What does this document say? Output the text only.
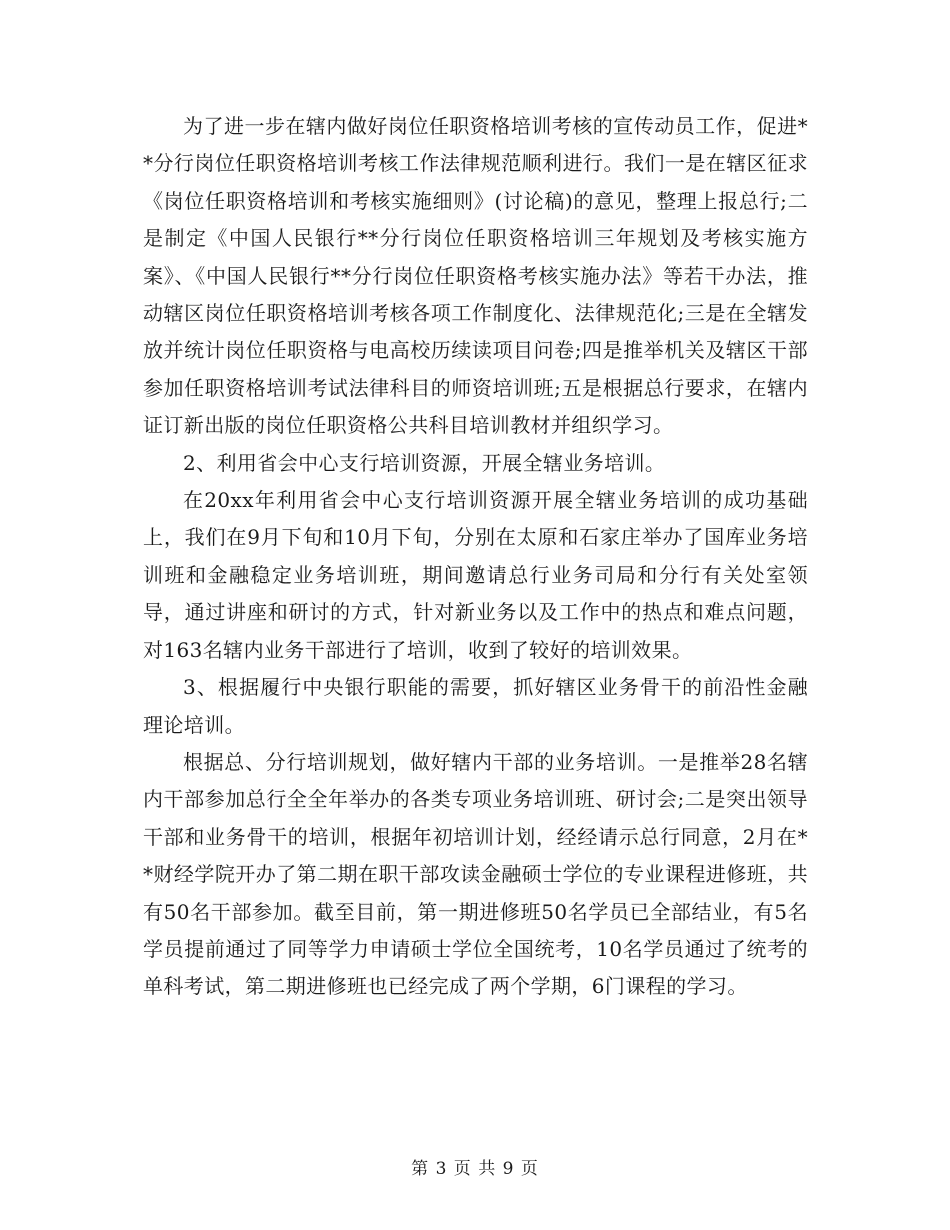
为了进一步在辖内做好岗位任职资格培训考核的宣传动员工作，促进**分行岗位任职资格培训考核工作法律规范顺利进行。我们一是在辖区征求《岗位任职资格培训和考核实施细则》(讨论稿)的意见，整理上报总行;二是制定《中国人民银行**分行岗位任职资格培训三年规划及考核实施方案》、《中国人民银行**分行岗位任职资格考核实施办法》等若干办法，推动辖区岗位任职资格培训考核各项工作制度化、法律规范化;三是在全辖发放并统计岗位任职资格与电高校历续读项目问卷;四是推举机关及辖区干部参加任职资格培训考试法律科目的师资培训班;五是根据总行要求，在辖内证订新出版的岗位任职资格公共科目培训教材并组织学习。

2、利用省会中心支行培训资源，开展全辖业务培训。

在20xx年利用省会中心支行培训资源开展全辖业务培训的成功基础上，我们在9月下旬和10月下旬，分别在太原和石家庄举办了国库业务培训班和金融稳定业务培训班，期间邀请总行业务司局和分行有关处室领导，通过讲座和研讨的方式，针对新业务以及工作中的热点和难点问题，对163名辖内业务干部进行了培训，收到了较好的培训效果。

3、根据履行中央银行职能的需要，抓好辖区业务骨干的前沿性金融理论培训。

根据总、分行培训规划，做好辖内干部的业务培训。一是推举28名辖内干部参加总行全全年举办的各类专项业务培训班、研讨会;二是突出领导干部和业务骨干的培训，根据年初培训计划，经经请示总行同意，2月在**财经学院开办了第二期在职干部攻读金融硕士学位的专业课程进修班，共有50名干部参加。截至目前，第一期进修班50名学员已全部结业，有5名学员提前通过了同等学力申请硕士学位全国统考，10名学员通过了统考的单科考试，第二期进修班也已经完成了两个学期，6门课程的学习。

第 3 页 共 9 页
